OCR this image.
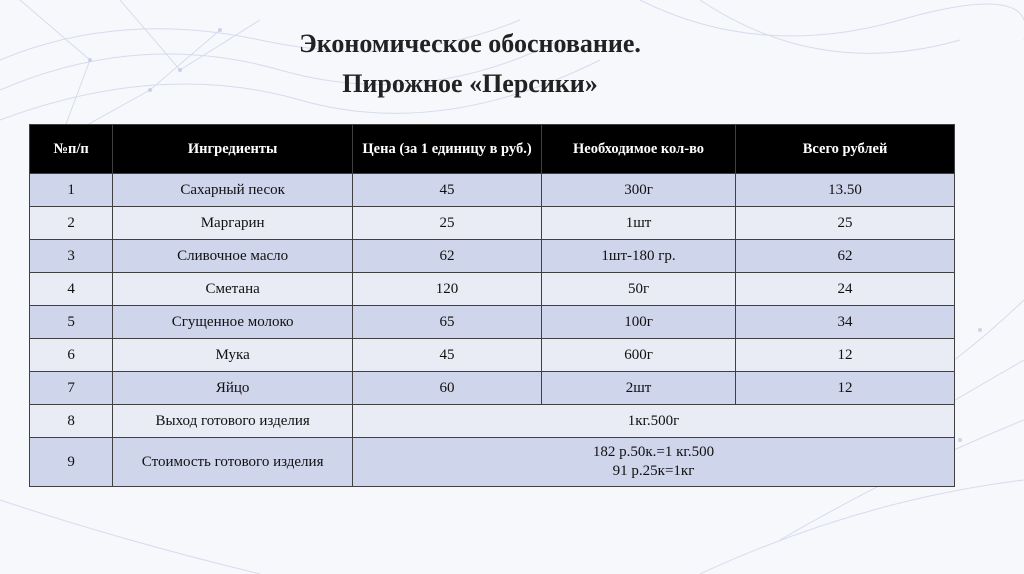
Экономическое обоснование.
Пирожное «Персики»
№п/п	Ингредиенты	Цена (за 1 единицу в руб.)	Необходимое кол-во	Всего рублей
1	Сахарный песок	45	300г	13.50
2	Маргарин	25	1шт	25
3	Сливочное масло	62	1шт-180 гр.	62
4	Сметана	120	50г	24
5	Сгущенное молоко	65	100г	34
6	Мука	45	600г	12
7	Яйцо	60	2шт	12
8	Выход готового изделия	1кг.500г		
9	Стоимость готового изделия	182 р.50к.=1 кг.500
91 р.25к=1кг		
